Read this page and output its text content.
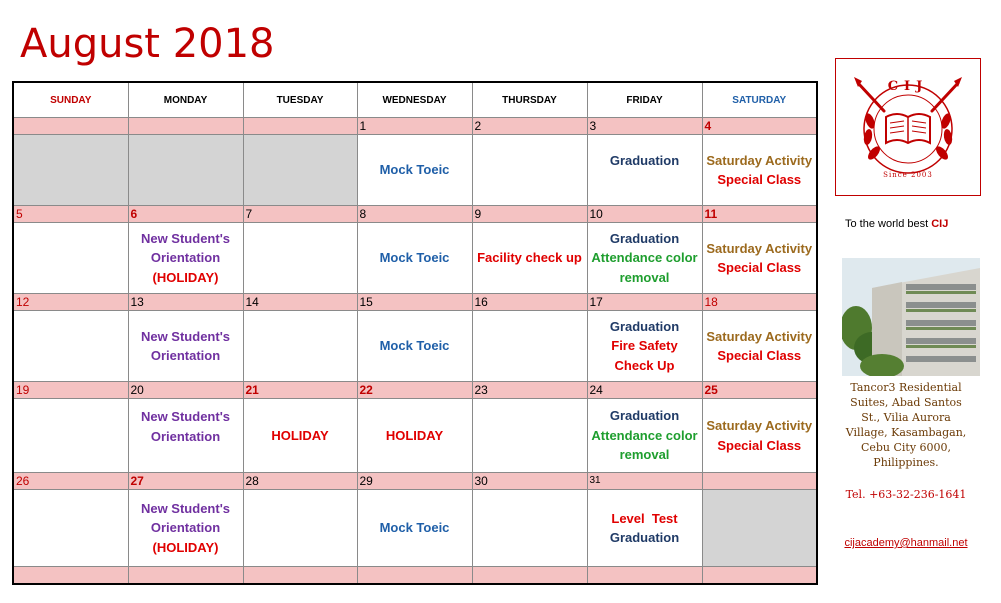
August 2018
SUNDAY	MONDAY	TUESDAY	WEDNESDAY	THURSDAY	FRIDAY	SATURDAY
			1	2	3	4

			Mock Toeic		Graduation	Saturday Activity
Special Class

5	6	7	8	9	10	11

	New Student's
Orientation
(HOLIDAY)		Mock Toeic	Facility check up	Graduation
Attendance color
removal	Saturday Activity
Special Class

12	13	14	15	16	17	18

	New Student's
Orientation		Mock Toeic		Graduation
Fire Safety
Check Up	Saturday Activity
Special Class

19	20	21	22	23	24	25

	New Student's
Orientation	HOLIDAY	HOLIDAY		Graduation
Attendance color
removal	Saturday Activity
Special Class

26	27	28	29	30	31	

	New Student's
Orientation
(HOLIDAY)		Mock Toeic		Level  Test
Graduation	

CIJ
Since 2003
To the world best CIJ
Tancor3 Residential
Suites, Abad Santos
St., Vilia Aurora
Village, Kasambagan,
Cebu City 6000,
Philippines.
Tel. +63-32-236-1641
cijacademy@hanmail.net
